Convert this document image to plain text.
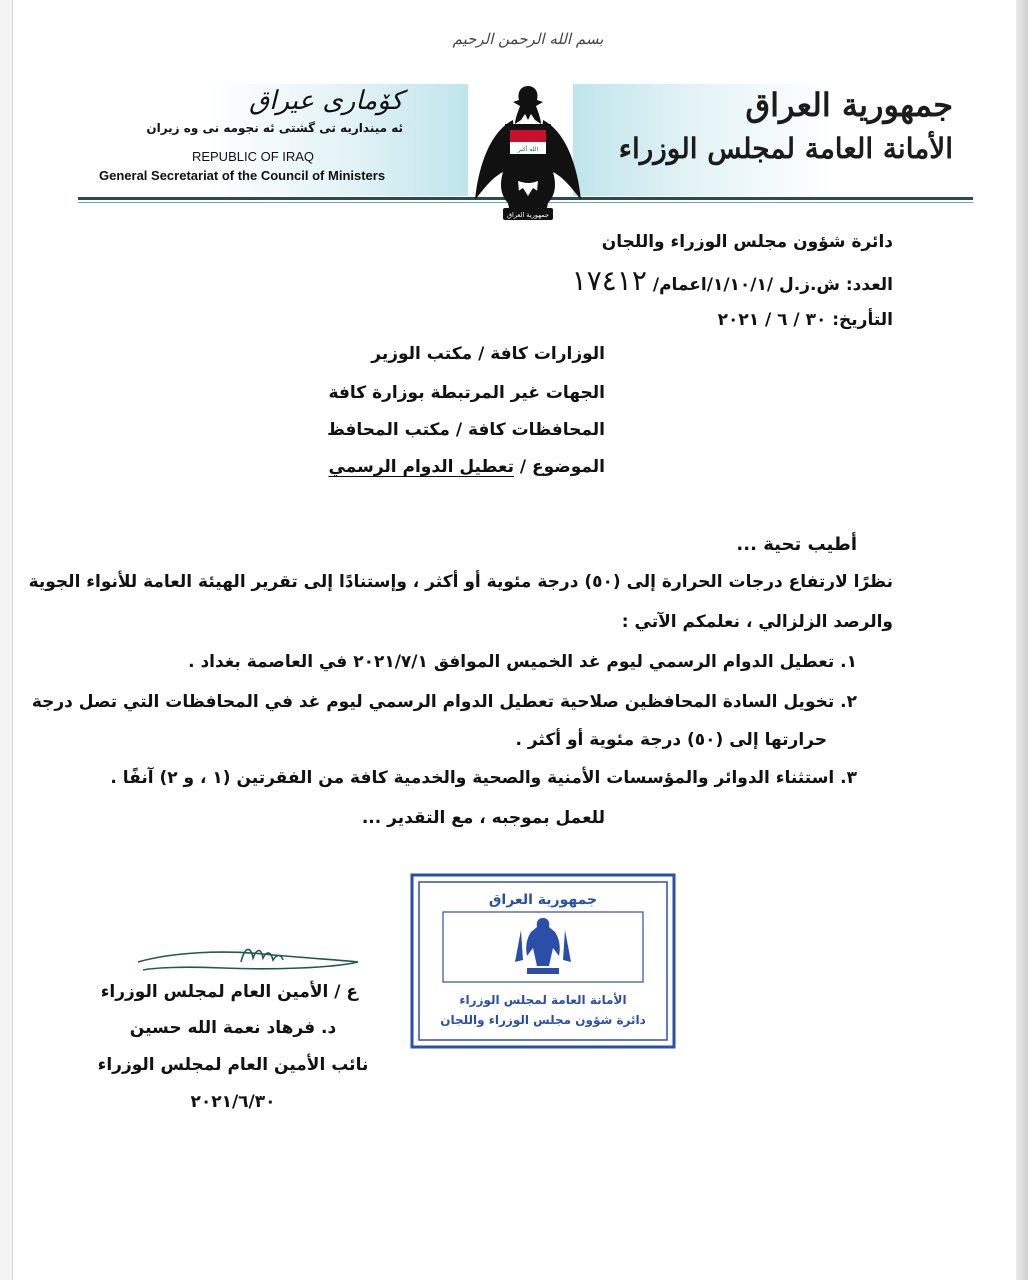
بسم الله الرحمن الرحيم
كۆماری عیراق
ئه مینداریه تی گشتی ئه نجومه نی وه زیران
REPUBLIC OF IRAQ
General Secretariat of the Council of Ministers
الله أكبر
جمهورية العراق
جمهورية العراق
الأمانة العامة لمجلس الوزراء
دائرة شؤون مجلس الوزراء واللجان
العدد: ش.ز.ل /١/١٠/١/اعمام/
١٧٤١٢
التأريخ: ٣٠ / ٦ / ٢٠٢١
الوزارات كافة / مكتب الوزير
الجهات غير المرتبطة بوزارة كافة
المحافظات كافة / مكتب المحافظ
الموضوع / تعطيل الدوام الرسمي
أطيب تحية ...
نظرًا لارتفاع درجات الحرارة إلى (٥٠) درجة مئوية أو أكثر ، وإستنادًا إلى تقرير الهيئة العامة للأنواء الجوية
والرصد الزلزالي ، نعلمكم الآتي :
١. تعطيل الدوام الرسمي ليوم غد الخميس الموافق ٢٠٢١/٧/١ في العاصمة بغداد .
٢. تخويل السادة المحافظين صلاحية تعطيل الدوام الرسمي ليوم غد في المحافظات التي تصل درجة
حرارتها إلى (٥٠) درجة مئوية أو أكثر .
٣. استثناء الدوائر والمؤسسات الأمنية والصحية والخدمية كافة من الفقرتين (١ ، و ٢) آنفًا .
للعمل بموجبه ، مع التقدير ...
جمهورية العراق
الأمانة العامة لمجلس الوزراء
دائرة شؤون مجلس الوزراء واللجان
ع / الأمين العام لمجلس الوزراء
د. فرهاد نعمة الله حسين
نائب الأمين العام لمجلس الوزراء
٢٠٢١/٦/٣٠
